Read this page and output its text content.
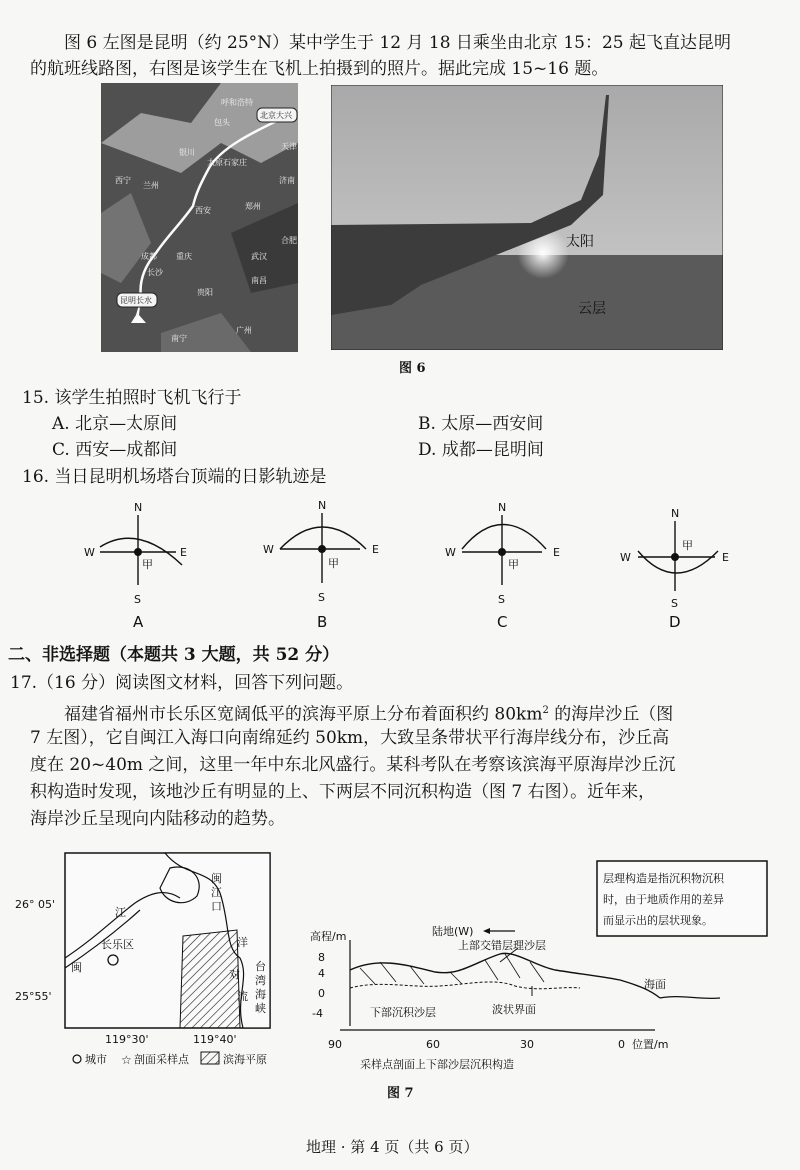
图 6 左图是昆明（约 25°N）某中学生于 12 月 18 日乘坐由北京 15：25 起飞直达昆明
的航班线路图，右图是该学生在飞机上拍摄到的照片。据此完成 15~16 题。
呼和浩特
包头
北京大兴
天津
银川
太原 石家庄
西宁
兰州
济南
西安	郑州
合肥
成都 重庆	武汉
长沙
南昌
贵阳
昆明长水
南宁
广州
太阳
云层
图 6
15. 该学生拍照时飞机飞行于
A. 北京—太原间	B. 太原—西安间
C. 西安—成都间	D. 成都—昆明间
16. 当日昆明机场塔台顶端的日影轨迹是
N
W	E
S
甲
A
N
W	E
S
甲
B
N
W	E
S
甲
C
N
W	E
S
甲
D
二、非选择题（本题共 3 大题，共 52 分）
17.（16 分）阅读图文材料，回答下列问题。
福建省福州市长乐区宽阔低平的滨海平原上分布着面积约 $80km^2$ 的海岸沙丘（图
7 左图），它自闽江入海口向南绵延约 50km，大致呈条带状平行海岸线分布，沙丘高
度在 20~40m 之间，这里一年中东北风盛行。某科考队在考察该滨海平原海岸沙丘沉
积构造时发现，该地沙丘有明显的上、下两层不同沉积构造（图 7 右图）。近年来，
海岸沙丘呈现向内陆移动的趋势。
26° 05'
25°55'
119°30'	119°40'
闽
江
口
江
闽
长乐区	洋
对
流
台
湾
海
峡
城市 ☆ 剖面采样点	滨海平原
层理构造是指沉积物沉积
时，由于地质作用的差异
而显示出的层状现象。
高程/m
8
4
0
-4
90	60	30	0 位置/m
陆地(W)
上部交错层理沙层
下部沉积沙层	波状界面
海面
采样点剖面上下部沙层沉积构造
图 7
地理 · 第 4 页（共 6 页）
